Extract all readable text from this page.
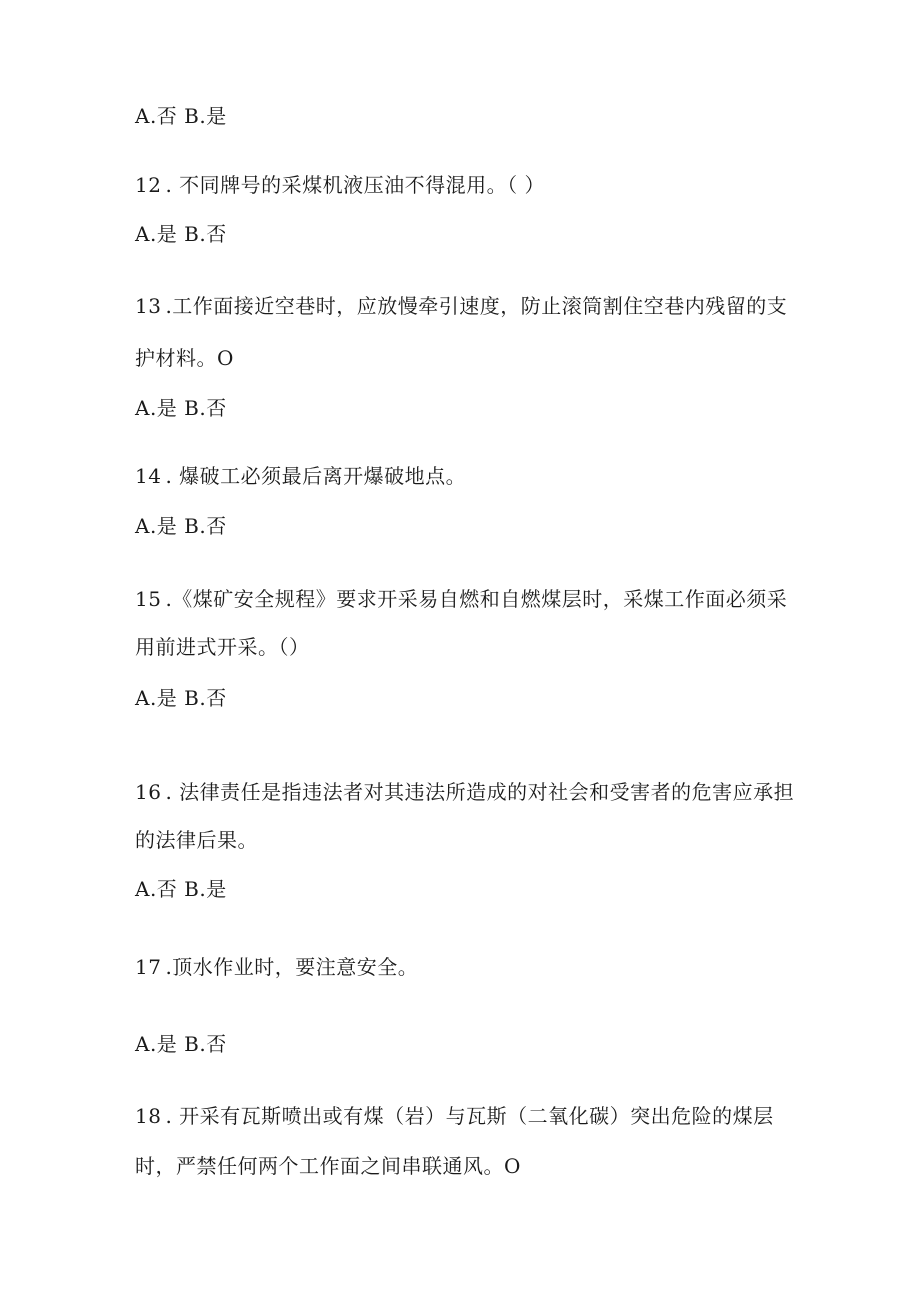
A.否 B.是
12 . 不同牌号的采煤机液压油不得混用。（ ）
A.是 B.否
13 .工作面接近空巷时，应放慢牵引速度，防止滚筒割住空巷内残留的支
护材料。O
A.是 B.否
14 . 爆破工必须最后离开爆破地点。
A.是 B.否
15 .《煤矿安全规程》要求开采易自燃和自燃煤层时，采煤工作面必须采
用前进式开采。（）
A.是 B.否
16 . 法律责任是指违法者对其违法所造成的对社会和受害者的危害应承担
的法律后果。
A.否 B.是
17 .顶水作业时，要注意安全。
A.是 B.否
18 . 开采有瓦斯喷出或有煤（岩）与瓦斯（二氧化碳）突出危险的煤层
时，严禁任何两个工作面之间串联通风。O
